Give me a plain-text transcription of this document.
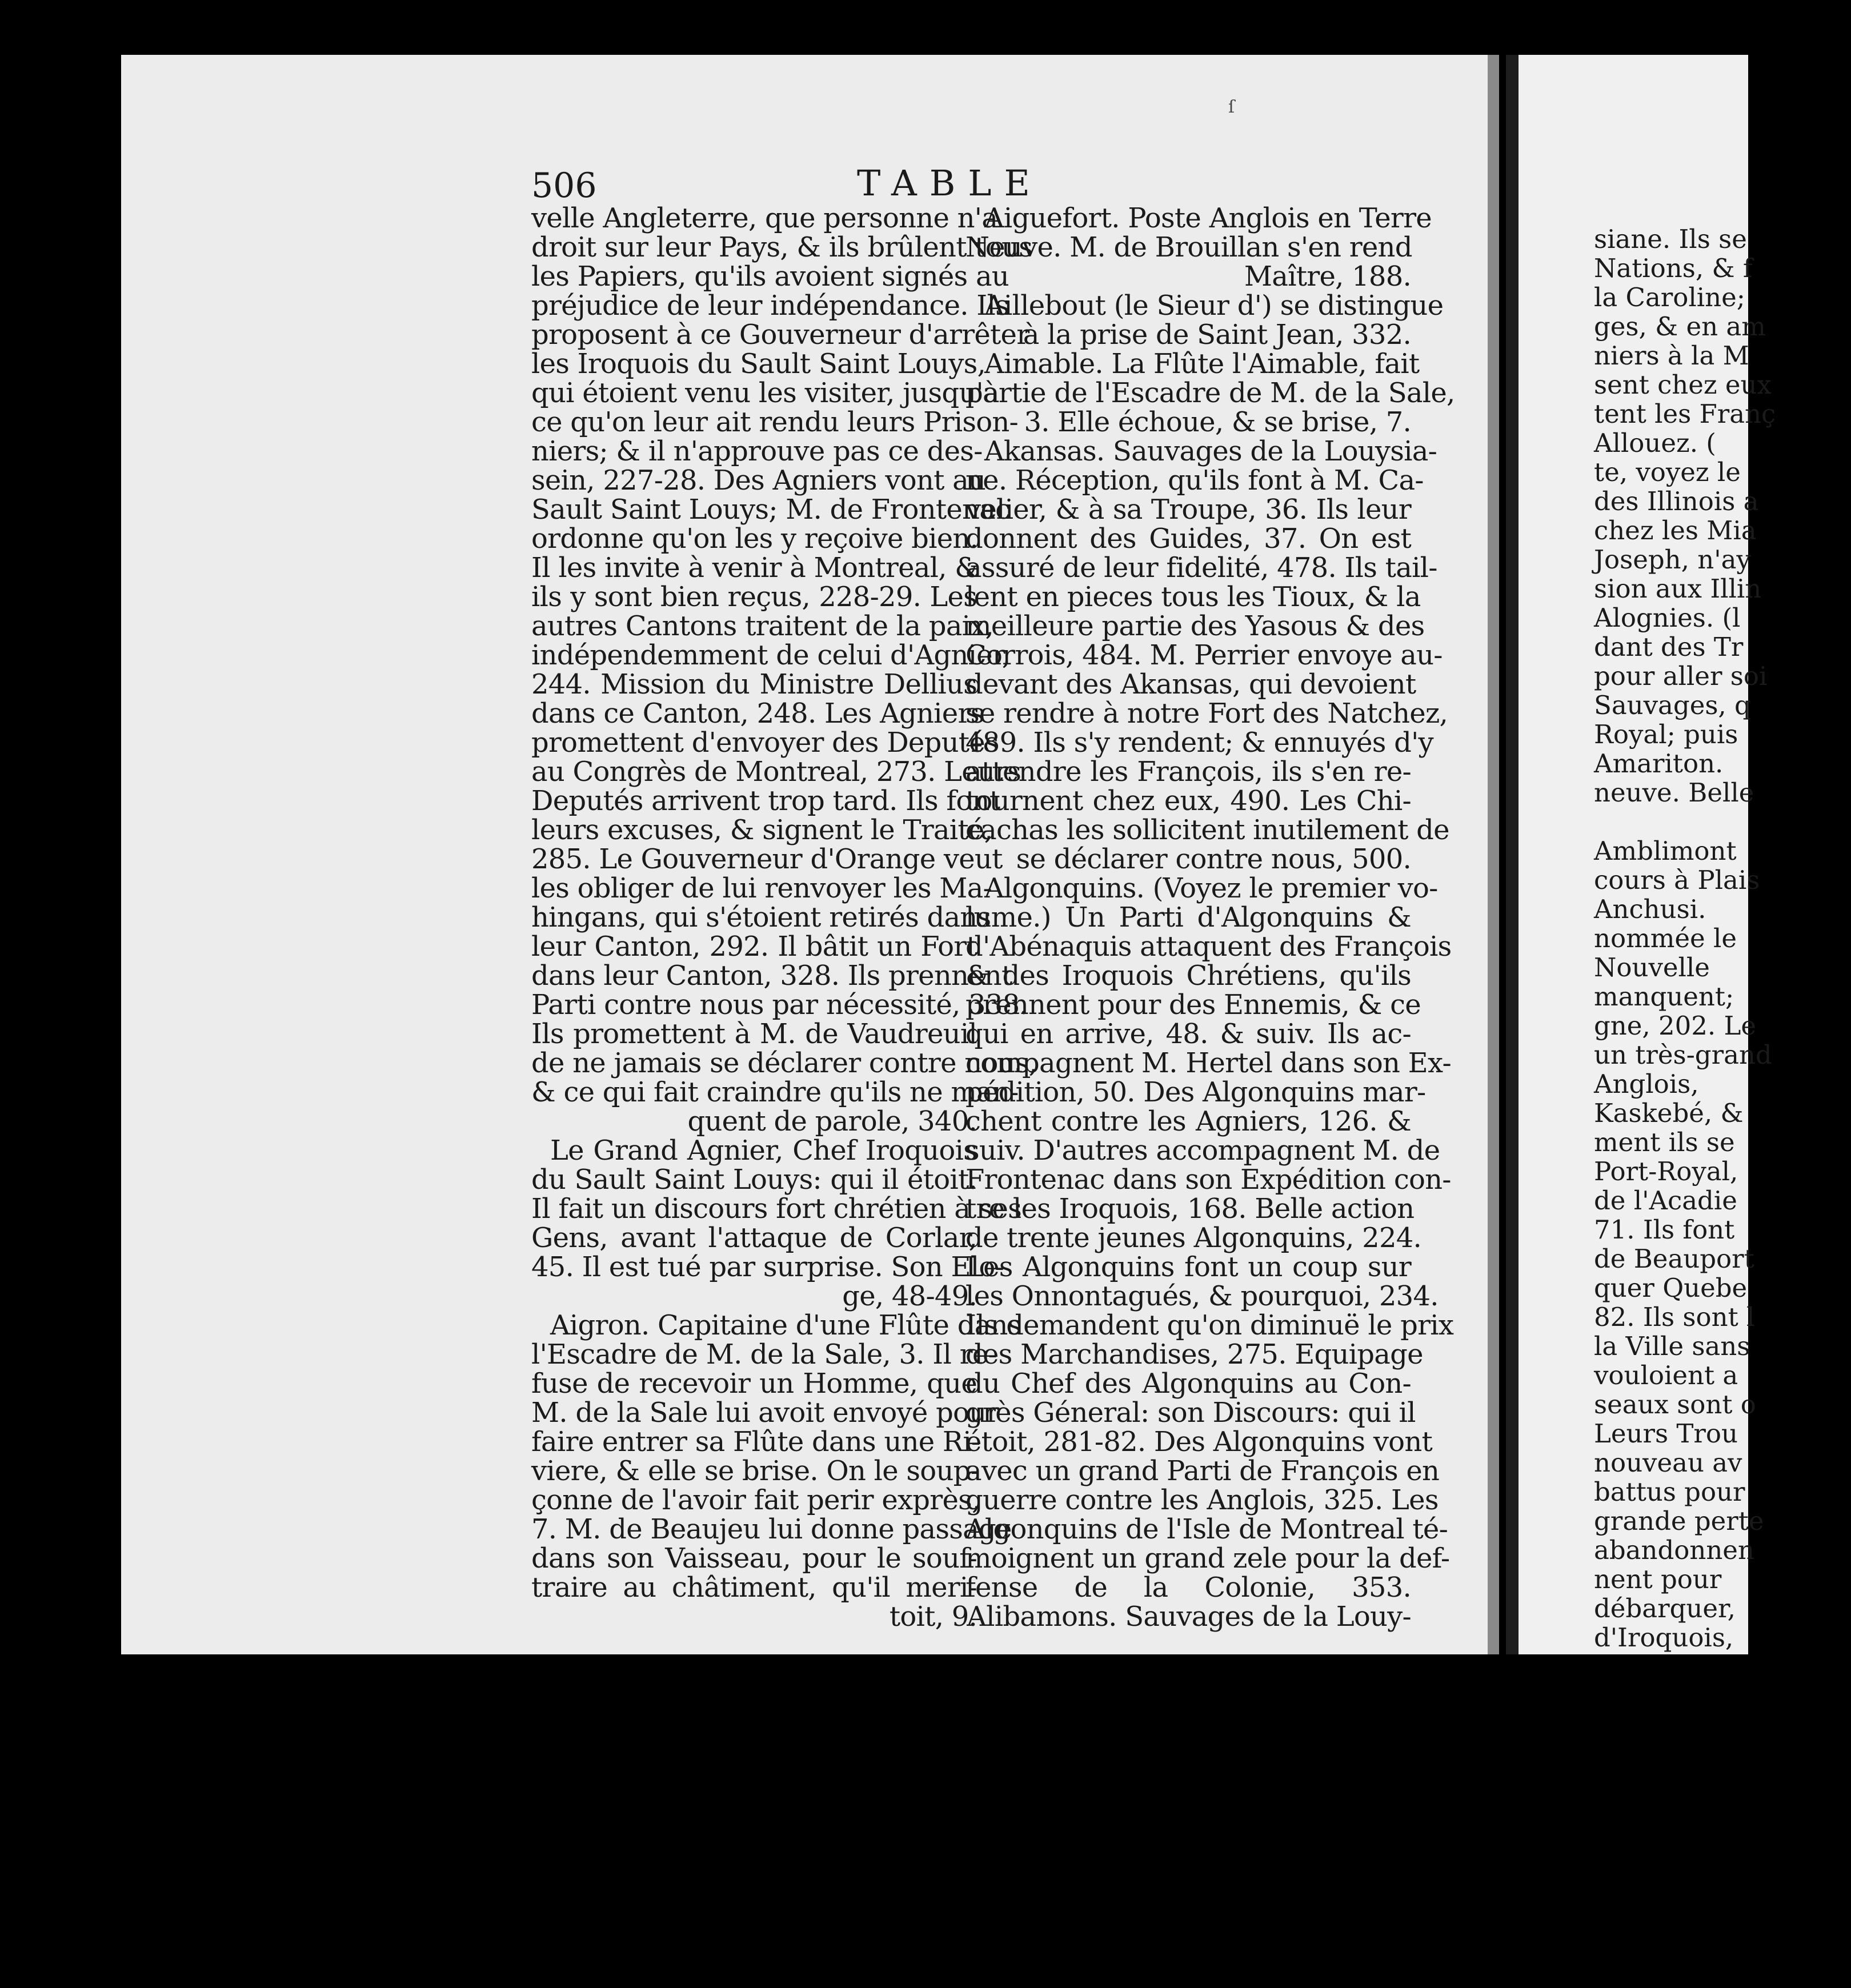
ſ
506	TABLE
velle Angleterre, que personne n'a
droit sur leur Pays, & ils brûlent tous
les Papiers, qu'ils avoient signés au
préjudice de leur indépendance. Ils
proposent à ce Gouverneur d'arrêter
les Iroquois du Sault Saint Louys,
qui étoient venu les visiter, jusqu'à
ce qu'on leur ait rendu leurs Prison-
niers; & il n'approuve pas ce des-
sein, 227-28. Des Agniers vont au
Sault Saint Louys; M. de Frontenac
ordonne qu'on les y reçoive bien.
Il les invite à venir à Montreal, &
ils y sont bien reçus, 228-29. Les
autres Cantons traitent de la paix,
indépendemment de celui d'Agnier,
244. Mission du Ministre Dellius
dans ce Canton, 248. Les Agniers
promettent d'envoyer des Deputés
au Congrès de Montreal, 273. Leurs
Deputés arrivent trop tard. Ils font
leurs excuses, & signent le Traité,
285. Le Gouverneur d'Orange veut
les obliger de lui renvoyer les Ma-
hingans, qui s'étoient retirés dans
leur Canton, 292. Il bâtit un Fort
dans leur Canton, 328. Ils prennent
Parti contre nous par nécessité, 338.
Ils promettent à M. de Vaudreuil
de ne jamais se déclarer contre nous,
& ce qui fait craindre qu'ils ne man-
quent de parole, 340.
Le Grand Agnier, Chef Iroquois
du Sault Saint Louys: qui il étoit.
Il fait un discours fort chrétien à ses
Gens, avant l'attaque de Corlar,
45. Il est tué par surprise. Son Elo-
ge, 48-49.
Aigron. Capitaine d'une Flûte dans
l'Escadre de M. de la Sale, 3. Il re-
fuse de recevoir un Homme, que
M. de la Sale lui avoit envoyé pour
faire entrer sa Flûte dans une Ri-
viere, & elle se brise. On le soup-
çonne de l'avoir fait perir exprès,
7. M. de Beaujeu lui donne passage
dans son Vaisseau, pour le souf-
traire au châtiment, qu'il meri-
toit, 9.
Aiguefort. Poste Anglois en Terre
Neuve. M. de Brouillan s'en rend
Maître, 188.
Aillebout (le Sieur d') se distingue
à la prise de Saint Jean, 332.
Aimable. La Flûte l'Aimable, fait
partie de l'Escadre de M. de la Sale,
3. Elle échoue, & se brise, 7.
Akansas. Sauvages de la Louysia-
ne. Réception, qu'ils font à M. Ca-
velier, & à sa Troupe, 36. Ils leur
donnent des Guides, 37. On est
assuré de leur fidelité, 478. Ils tail-
lent en pieces tous les Tioux, & la
meilleure partie des Yasous & des
Corrois, 484. M. Perrier envoye au-
devant des Akansas, qui devoient
se rendre à notre Fort des Natchez,
489. Ils s'y rendent; & ennuyés d'y
attendre les François, ils s'en re-
tournent chez eux, 490. Les Chi-
cachas les sollicitent inutilement de
se déclarer contre nous, 500.
Algonquins. (Voyez le premier vo-
lume.) Un Parti d'Algonquins &
d'Abénaquis attaquent des François
& des Iroquois Chrétiens, qu'ils
prennent pour des Ennemis, & ce
qui en arrive, 48. & suiv. Ils ac-
compagnent M. Hertel dans son Ex-
pédition, 50. Des Algonquins mar-
chent contre les Agniers, 126. &
suiv. D'autres accompagnent M. de
Frontenac dans son Expédition con-
tre les Iroquois, 168. Belle action
de trente jeunes Algonquins, 224.
Les Algonquins font un coup sur
les Onnontagués, & pourquoi, 234.
Ils demandent qu'on diminuë le prix
des Marchandises, 275. Equipage
du Chef des Algonquins au Con-
grès Géneral: son Discours: qui il
étoit, 281-82. Des Algonquins vont
avec un grand Parti de François en
guerre contre les Anglois, 325. Les
Algonquins de l'Isle de Montreal té-
moignent un grand zele pour la def-
fense de la Colonie, 353.
Alibamons. Sauvages de la Louy-
siane. Ils se
Nations, & f
la Caroline;
ges, & en am
niers à la M
sent chez eux
tent les Franç
Allouez. (
te, voyez le
des Illinois a
chez les Mia
Joseph, n'ay
sion aux Illin
Alognies. (l
dant des Tr
pour aller soi
Sauvages, q
Royal; puis
Amariton.
neuve. Belle
Amblimont
cours à Plais
Anchusi.
nommée le
Nouvelle
manquent;
gne, 202. Le
un très-grand
Anglois,
Kaskebé, &
ment ils se
Port-Royal,
de l'Acadie
71. Ils font
de Beauport
quer Quebe
82. Ils sont l
la Ville sans
vouloient a
seaux sont o
Leurs Trou
nouveau av
battus pour
grande perte
abandonnen
nent pour
débarquer,
d'Iroquois,
